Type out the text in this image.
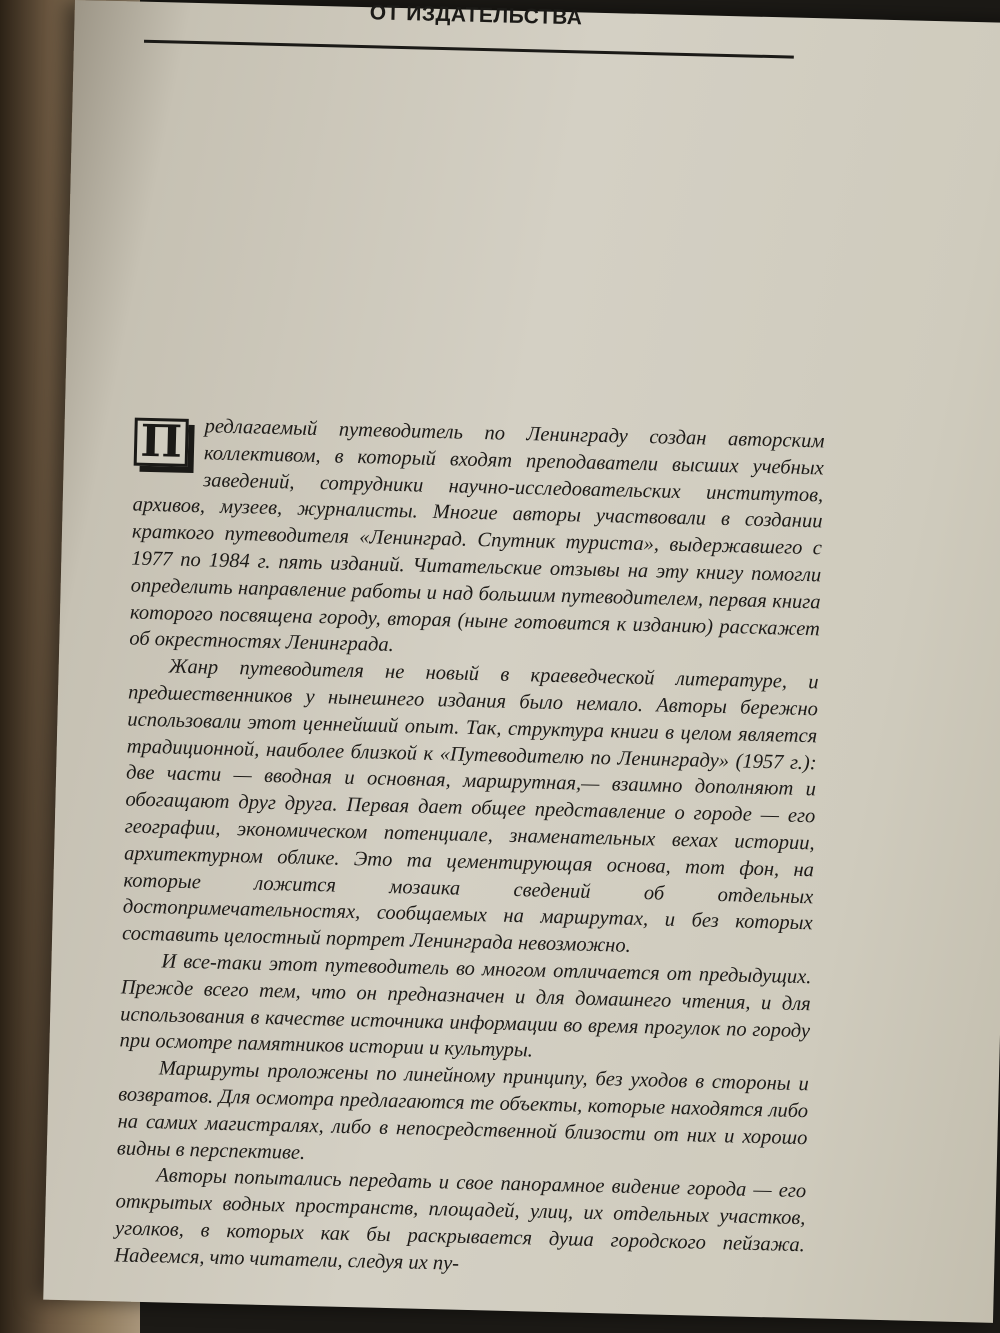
ОТ ИЗДАТЕЛЬСТВА

П	редлагаемый путеводитель по Ленинграду создан авторским коллективом, в который входят преподаватели высших учебных заведений, сотрудники научно-исследовательских институтов, архивов, музеев, журналисты. Многие авторы участвовали в создании краткого путеводителя «Ленинград. Спутник туриста», выдержавшего с 1977 по 1984 г. пять изданий. Читательские отзывы на эту книгу помогли определить направление работы и над большим путеводителем, первая книга которого посвящена городу, вторая (ныне готовится к изданию) расскажет об окрестностях Ленинграда.

Жанр путеводителя не новый в краеведческой литературе, и предшественников у нынешнего издания было немало. Авторы бережно использовали этот ценнейший опыт. Так, структура книги в целом является традиционной, наиболее близкой к «Путеводителю по Ленинграду» (1957 г.): две части — вводная и основная, маршрутная,— взаимно дополняют и обогащают друг друга. Первая дает общее представление о городе — его географии, экономическом потенциале, знаменательных вехах истории, архитектурном облике. Это та цементирующая основа, тот фон, на которые ложится мозаика сведений об отдельных достопримечательностях, сообщаемых на маршрутах, и без которых составить целостный портрет Ленинграда невозможно.

И все-таки этот путеводитель во многом отличается от предыдущих. Прежде всего тем, что он предназначен и для домашнего чтения, и для использования в качестве источника информации во время прогулок по городу при осмотре памятников истории и культуры.

Маршруты проложены по линейному принципу, без уходов в стороны и возвратов. Для осмотра предлагаются те объекты, которые находятся либо на самих магистралях, либо в непосредственной близости от них и хорошо видны в перспективе.

Авторы попытались передать и свое панорамное видение города — его открытых водных пространств, площадей, улиц, их отдельных участков, уголков, в которых как бы раскрывается душа городского пейзажа. Надеемся, что читатели, следуя их пу-
